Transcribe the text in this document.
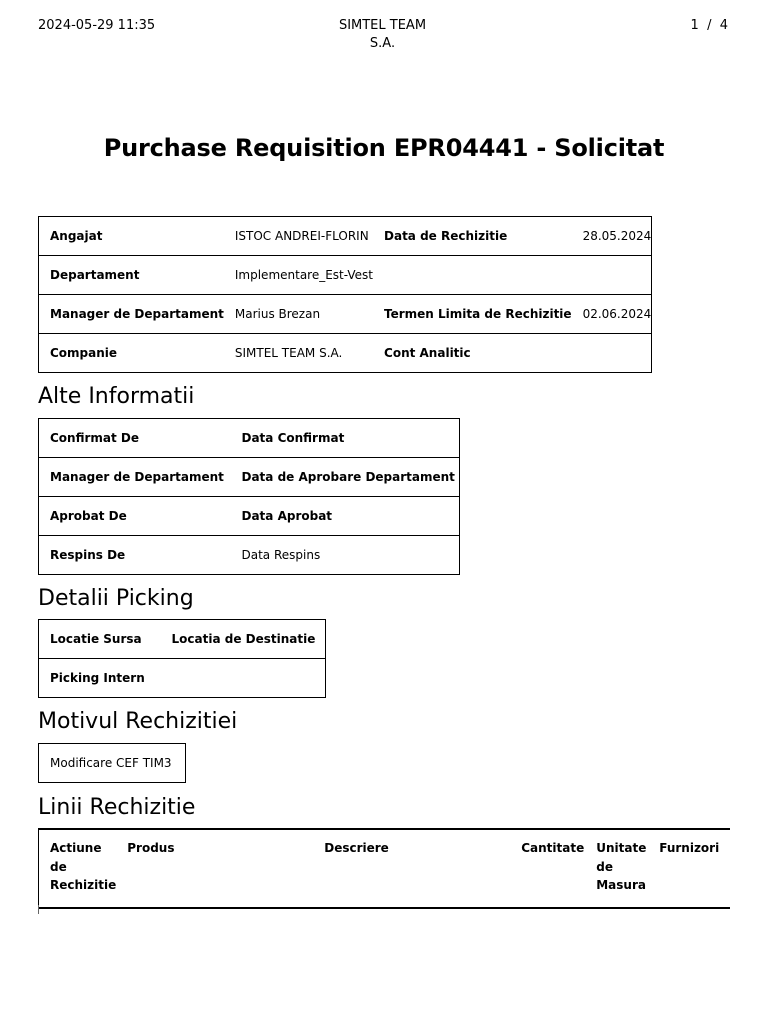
2024-05-29 11:35	SIMTEL TEAM
S.A.
1  /  4
Purchase Requisition EPR04441 - Solicitat
Angajat	ISTOC ANDREI-FLORIN	Data de Rechizitie	28.05.2024
Departament	Implementare_Est-Vest		
Manager de Departament	Marius Brezan	Termen Limita de Rechizitie	02.06.2024
Companie	SIMTEL TEAM S.A.	Cont Analitic	
Alte Informatii
Confirmat De	Data Confirmat
Manager de Departament	Data de Aprobare Departament
Aprobat De	Data Aprobat
Respins De	Data Respins
Detalii Picking
Locatie Sursa	Locatia de Destinatie
Picking Intern	
Motivul Rechizitiei
Modificare CEF TIM3
Linii Rechizitie
Actiune de Rechizitie	Produs	Descriere	Cantitate	Unitate de Masura	Furnizori
